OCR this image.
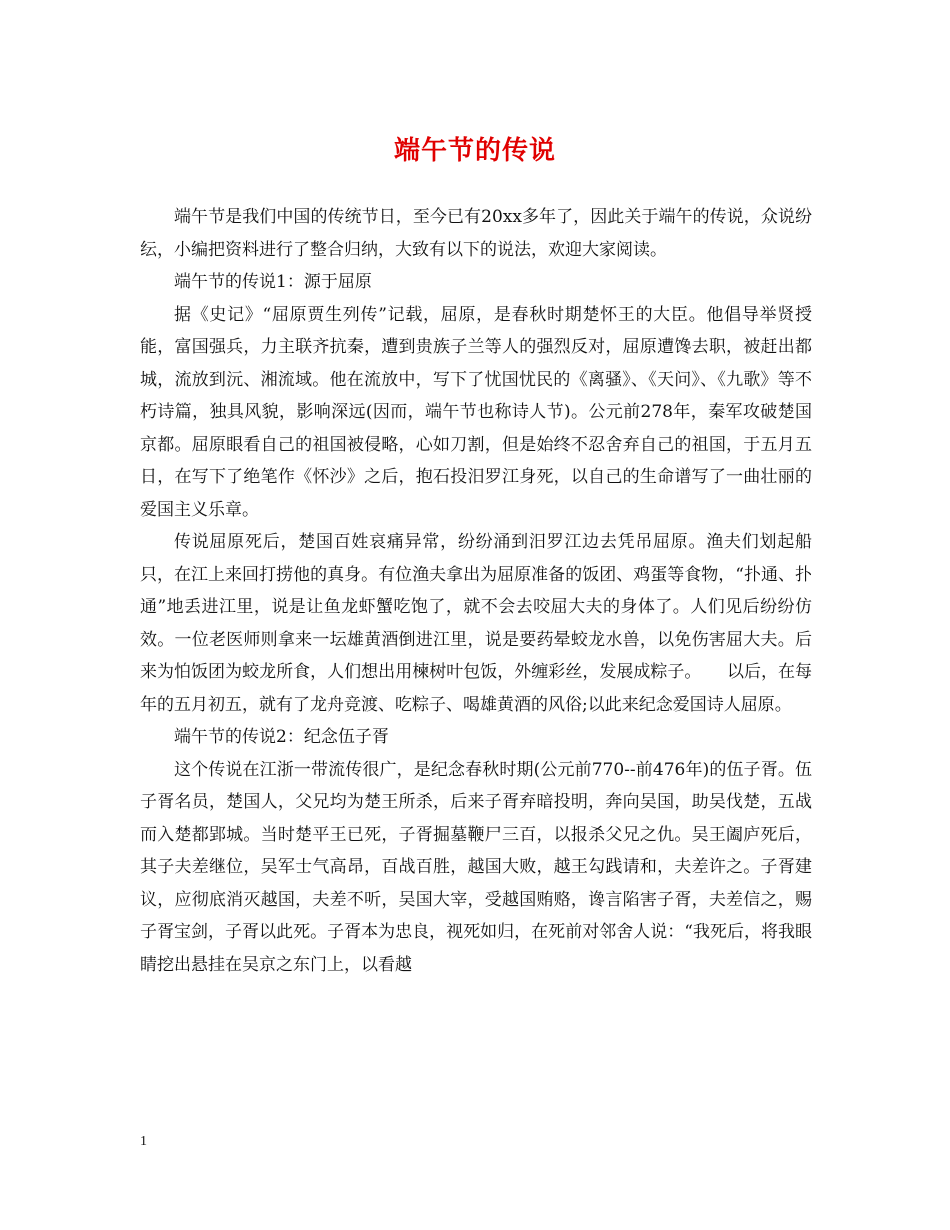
端午节的传说

端午节是我们中国的传统节日，至今已有20xx多年了，因此关于端午的传说，众说纷纭，小编把资料进行了整合归纳，大致有以下的说法，欢迎大家阅读。

端午节的传说1：源于屈原

据《史记》“屈原贾生列传”记载，屈原，是春秋时期楚怀王的大臣。他倡导举贤授能，富国强兵，力主联齐抗秦，遭到贵族子兰等人的强烈反对，屈原遭馋去职，被赶出都城，流放到沅、湘流域。他在流放中，写下了忧国忧民的《离骚》、《天问》、《九歌》等不朽诗篇，独具风貌，影响深远(因而，端午节也称诗人节)。公元前278年，秦军攻破楚国京都。屈原眼看自己的祖国被侵略，心如刀割，但是始终不忍舍弃自己的祖国，于五月五日，在写下了绝笔作《怀沙》之后，抱石投汨罗江身死，以自己的生命谱写了一曲壮丽的爱国主义乐章。

传说屈原死后，楚国百姓哀痛异常，纷纷涌到汨罗江边去凭吊屈原。渔夫们划起船只，在江上来回打捞他的真身。有位渔夫拿出为屈原准备的饭团、鸡蛋等食物，“扑通、扑通”地丢进江里，说是让鱼龙虾蟹吃饱了，就不会去咬屈大夫的身体了。人们见后纷纷仿效。一位老医师则拿来一坛雄黄酒倒进江里，说是要药晕蛟龙水兽，以免伤害屈大夫。后来为怕饭团为蛟龙所食，人们想出用楝树叶包饭，外缠彩丝，发展成粽子。　　以后，在每年的五月初五，就有了龙舟竞渡、吃粽子、喝雄黄酒的风俗;以此来纪念爱国诗人屈原。

端午节的传说2：纪念伍子胥

这个传说在江浙一带流传很广，是纪念春秋时期(公元前770--前476年)的伍子胥。伍子胥名员，楚国人，父兄均为楚王所杀，后来子胥弃暗投明，奔向吴国，助吴伐楚，五战而入楚都郢城。当时楚平王已死，子胥掘墓鞭尸三百，以报杀父兄之仇。吴王阖庐死后，其子夫差继位，吴军士气高昂，百战百胜，越国大败，越王勾践请和，夫差许之。子胥建议，应彻底消灭越国，夫差不听，吴国大宰，受越国贿赂，谗言陷害子胥，夫差信之，赐子胥宝剑，子胥以此死。子胥本为忠良，视死如归，在死前对邻舍人说：“我死后，将我眼睛挖出悬挂在吴京之东门上，以看越

1
